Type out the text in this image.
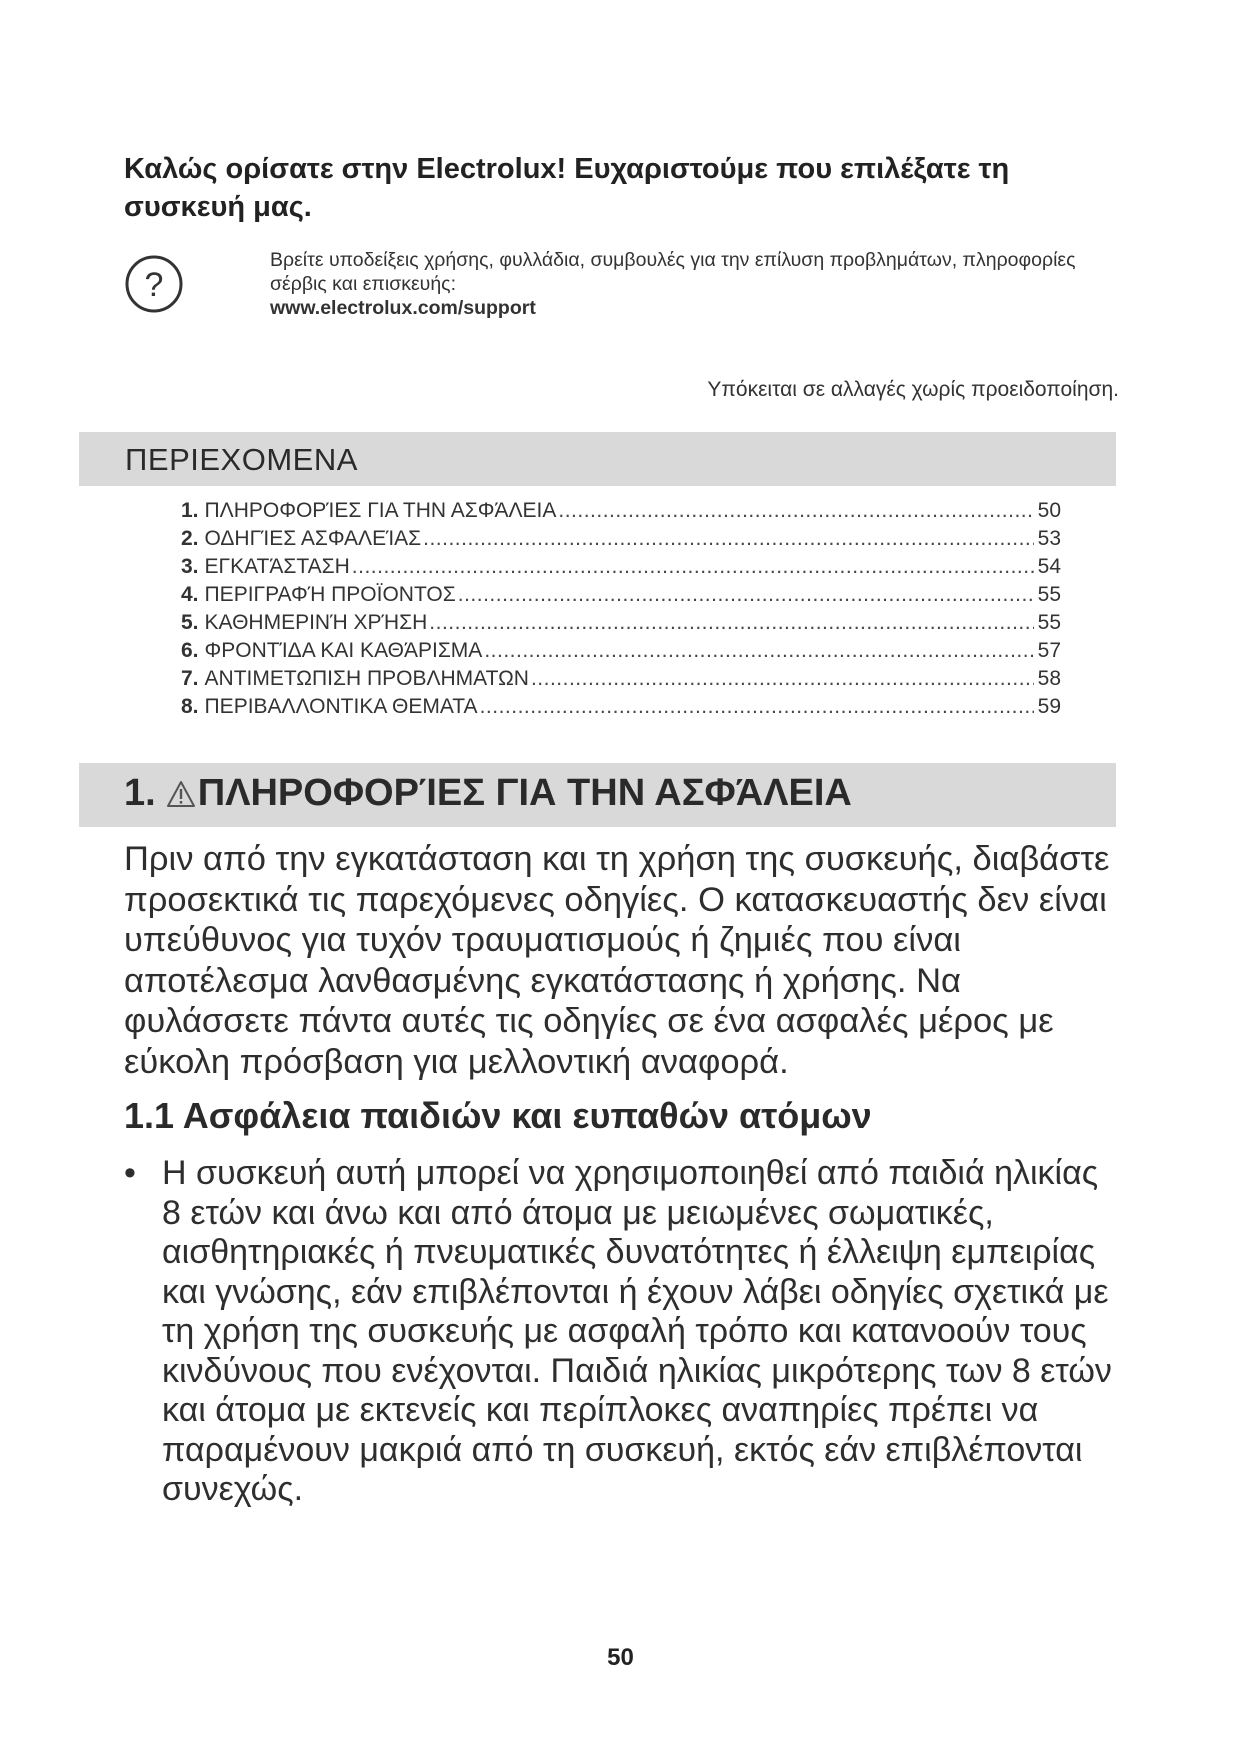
Καλώς ορίσατε στην Electrolux! Ευχαριστούμε που επιλέξατε τη συσκευή μας.
?
Βρείτε υποδείξεις χρήσης, φυλλάδια, συμβουλές για την επίλυση προβλημάτων, πληροφορίες σέρβις και επισκευής:
www.electrolux.com/support
Υπόκειται σε αλλαγές χωρίς προειδοποίηση.
ΠΕΡΙΕΧΟΜΕΝΑ
1. ΠΛΗΡΟΦΟΡΊΕΣ ΓΙΑ ΤΗΝ ΑΣΦΆΛΕΙΑ .....	50
2. ΟΔΗΓΊΕΣ ΑΣΦΑΛΕΊΑΣ .....	53
3. ΕΓΚΑΤΆΣΤΑΣΗ .....	54
4. ΠΕΡΙΓΡΑΦΉ ΠΡΟΪΟΝΤΟΣ .....	55
5. ΚΑΘΗΜΕΡΙΝΉ ΧΡΉΣΗ .....	55
6. ΦΡΟΝΤΊΔΑ ΚΑΙ ΚΑΘΆΡΙΣΜΑ .....	57
7. ΑΝΤΙΜΕΤΩΠΙΣΗ ΠΡΟΒΛΗΜΑΤΩΝ .....	58
8. ΠΕΡΙΒΑΛΛΟΝΤΙΚΑ ΘΕΜΑΤΑ .....	59
1. ΠΛΗΡΟΦΟΡΊΕΣ ΓΙΑ ΤΗΝ ΑΣΦΆΛΕΙΑ

Πριν από την εγκατάσταση και τη χρήση της συσκευής, διαβάστε προσεκτικά τις παρεχόμενες οδηγίες. Ο κατασκευαστής δεν είναι υπεύθυνος για τυχόν τραυματισμούς ή ζημιές που είναι αποτέλεσμα λανθασμένης εγκατάστασης ή χρήσης. Να φυλάσσετε πάντα αυτές τις οδηγίες σε ένα ασφαλές μέρος με εύκολη πρόσβαση για μελλοντική αναφορά.

1.1 Ασφάλεια παιδιών και ευπαθών ατόμων
• Η συσκευή αυτή μπορεί να χρησιμοποιηθεί από παιδιά ηλικίας 8 ετών και άνω και από άτομα με μειωμένες σωματικές, αισθητηριακές ή πνευματικές δυνατότητες ή έλλειψη εμπειρίας και γνώσης, εάν επιβλέπονται ή έχουν λάβει οδηγίες σχετικά με τη χρήση της συσκευής με ασφαλή τρόπο και κατανοούν τους κινδύνους που ενέχονται. Παιδιά ηλικίας μικρότερης των 8 ετών και άτομα με εκτενείς και περίπλοκες αναπηρίες πρέπει να παραμένουν μακριά από τη συσκευή, εκτός εάν επιβλέπονται συνεχώς.
50
